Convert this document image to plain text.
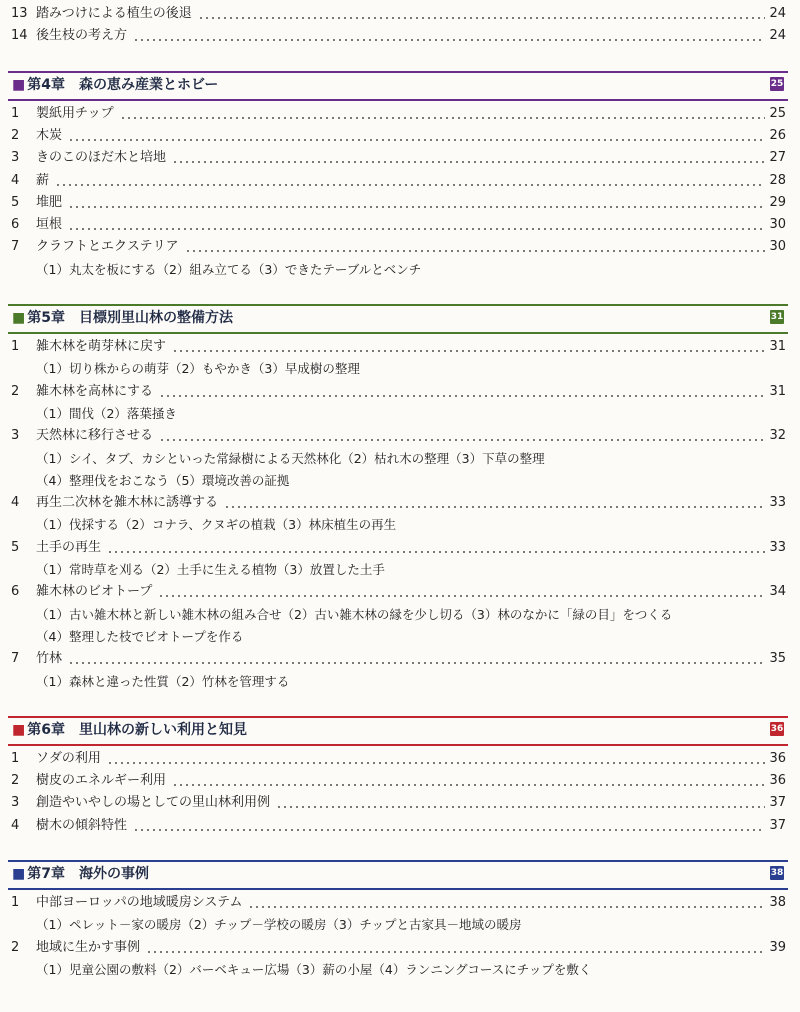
13 踏みつけによる植生の後退	24
14 後生枝の考え方	24
■ 第4章　森の恵み産業とホビー	25
1 製紙用チップ	25
2 木炭	26
3 きのこのほだ木と培地	27
4 薪	28
5 堆肥	29
6 垣根	30
7 クラフトとエクステリア	30
（1）丸太を板にする（2）組み立てる（3）できたテーブルとベンチ
■ 第5章　目標別里山林の整備方法	31
1 雑木林を萌芽林に戻す	31
（1）切り株からの萌芽（2）もやかき（3）早成樹の整理
2 雑木林を高林にする	31
（1）間伐（2）落葉掻き
3 天然林に移行させる	32
（1）シイ、タブ、カシといった常緑樹による天然林化（2）枯れ木の整理（3）下草の整理
（4）整理伐をおこなう（5）環境改善の証拠
4 再生二次林を雑木林に誘導する	33
（1）伐採する（2）コナラ、クヌギの植栽（3）林床植生の再生
5 土手の再生	33
（1）常時草を刈る（2）土手に生える植物（3）放置した土手
6 雑木林のビオトープ	34
（1）古い雑木林と新しい雑木林の組み合せ（2）古い雑木林の縁を少し切る（3）林のなかに「緑の目」をつくる
（4）整理した枝でビオトープを作る
7 竹林	35
（1）森林と違った性質（2）竹林を管理する
■ 第6章　里山林の新しい利用と知見	36
1 ソダの利用	36
2 樹皮のエネルギー利用	36
3 創造やいやしの場としての里山林利用例	37
4 樹木の傾斜特性	37
■ 第7章　海外の事例	38
1 中部ヨーロッパの地域暖房システム	38
（1）ペレット－家の暖房（2）チップ－学校の暖房（3）チップと古家具－地域の暖房
2 地域に生かす事例	39
（1）児童公園の敷料（2）バーベキュー広場（3）薪の小屋（4）ランニングコースにチップを敷く
